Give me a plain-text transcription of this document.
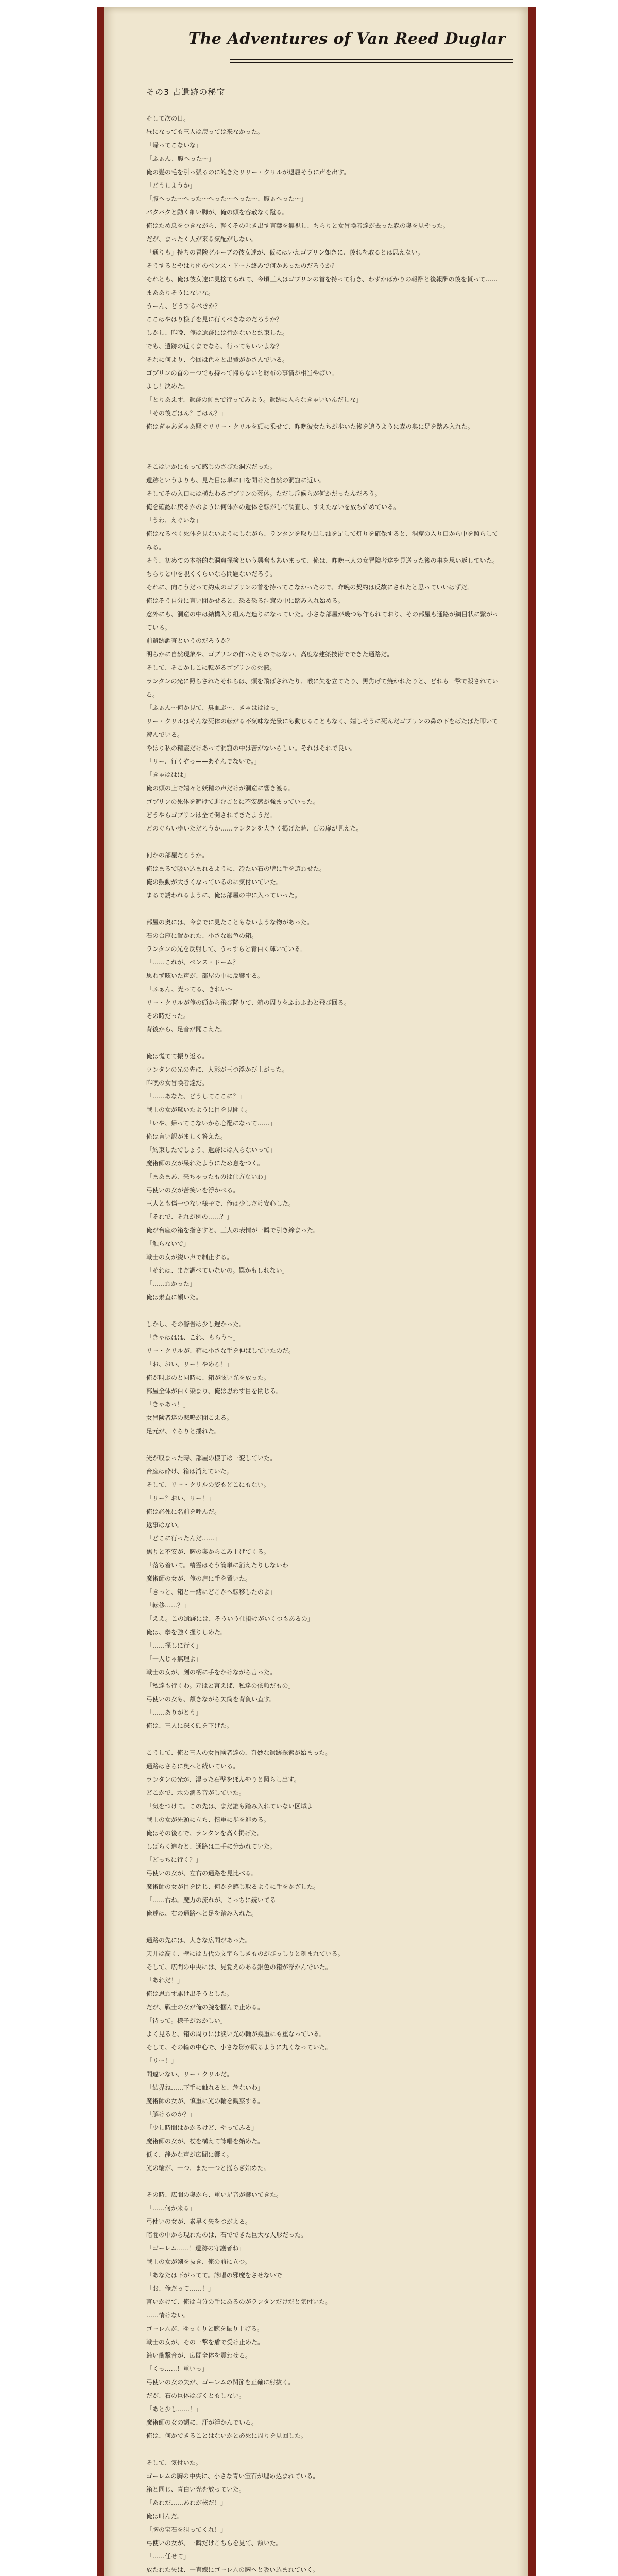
The Adventures of Van Reed Duglar
その3 古遺跡の秘宝

そして次の日。

昼になっても三人は戻っては来なかった。

「帰ってこないな」

「ふぁん、腹へった〜」

俺の髪の毛を引っ張るのに飽きたリリー・クリルが退屈そうに声を出す。

「どうしようか」

「腹へった〜へった〜へった〜へった〜、腹ぁへった〜」

バタバタと動く細い脚が、俺の頭を容赦なく蹴る。

俺はため息をつきながら、軽くその吐き出す言葉を無視し、ちらりと女冒険者達が去った森の奥を見やった。

だが、まったく人が来る気配がしない。

「通りも」持ちの冒険グループの彼女達が、仮にはいえゴブリン如きに、後れを取るとは思えない。

そうするとやはり例のペンス・ドーム絡みで何かあったのだろうか？

それとも、俺は彼女達に見捨てられて、今頃三人はゴブリンの首を持って行き、わずかばかりの報酬と後報酬の後を貰って……まあありそうにないな。

うーん、どうするべきか？

ここはやはり様子を見に行くべきなのだろうか？

しかし、昨晩、俺は遺跡には行かないと約束した。

でも、遺跡の近くまでなら、行ってもいいよな？

それに何より、今回は色々と出費がかさんでいる。

ゴブリンの首の一つでも持って帰らないと財布の事情が相当やばい。

よし！決めた。

「とりあえず、遺跡の側まで行ってみよう。遺跡に入らなきゃいいんだしな」

「その後ごはん？ごはん？」

俺はぎゃあぎゃあ騒ぐリリー・クリルを頭に乗せて、昨晩彼女たちが歩いた後を追うように森の奥に足を踏み入れた。

そこはいかにもって感じのさびた洞穴だった。

遺跡というよりも、見た目は単に口を開けた自然の洞窟に近い。

そしてその入口には横たわるゴブリンの死体。ただし斥候らが何かだったんだろう。

俺を確認に戻るかのように何体かの遺体を転がして調査し、すえたないを放ち始めている。

「うわ、えぐいな」

俺はなるべく死体を見ないようにしながら、ランタンを取り出し油を足して灯りを確保すると、洞窟の入り口から中を照らしてみる。

そう、初めての本格的な洞窟探検という興奮もあいまって、俺は、昨晩三人の女冒険者達を見送った後の事を思い返していた。

ちらりと中を覗くくらいなら問題ないだろう。

それに、向こうだって約束のゴブリンの首を持ってこなかったので、昨晩の契約は反故にされたと思っていいはずだ。

俺はそう自分に言い聞かせると、恐る恐る洞窟の中に踏み入れ始める。

意外にも、洞窟の中は結構入り組んだ造りになっていた。小さな部屋が幾つも作られており、その部屋も通路が網目状に繋がっている。

前遺跡調査というのだろうか？

明らかに自然現象や、ゴブリンの作ったものではない、高度な建築技術でできた通路だ。

そして、そこかしこに転がるゴブリンの死骸。

ランタンの光に照らされたそれらは、頭を飛ばされたり、喉に矢を立てたり、黒焦げて焼かれたりと、どれも一撃で殺されている。

「ふぁん〜何か見て、臭血ぷ〜、きゃはははっ」

リー・クリルはそんな死体の転がる不気味な光景にも動じることもなく、嬉しそうに死んだゴブリンの鼻の下をばたばた叩いて遊んでいる。

やはり私の精霊だけあって洞窟の中は苦がないらしい。それはそれで良い。

「リー、行くぞっ——あそんでないで。」

「きゃははは」

俺の頭の上で嬉々と妖精の声だけが洞窟に響き渡る。

ゴブリンの死体を避けて進むごとに不安感が強まっていった。

どうやらゴブリンは全て倒されてきたようだ。

どのぐらい歩いただろうか……ランタンを大きく掲げた時、石の扉が見えた。

何かの部屋だろうか。

俺はまるで吸い込まれるように、冷たい石の壁に手を這わせた。

俺の鼓動が大きくなっているのに気付いていた。

まるで誘われるように、俺は部屋の中に入っていった。

部屋の奥には、今までに見たこともないような物があった。

石の台座に置かれた、小さな銀色の箱。

ランタンの光を反射して、うっすらと青白く輝いている。

「……これが、ペンス・ドーム？」

思わず呟いた声が、部屋の中に反響する。

「ふぁん、光ってる、きれい〜」

リー・クリルが俺の頭から飛び降りて、箱の周りをふわふわと飛び回る。

その時だった。

背後から、足音が聞こえた。

俺は慌てて振り返る。

ランタンの光の先に、人影が三つ浮かび上がった。

昨晩の女冒険者達だ。

「……あなた、どうしてここに？」

戦士の女が驚いたように目を見開く。

「いや、帰ってこないから心配になって……」

俺は言い訳がましく答えた。

「約束したでしょう、遺跡には入らないって」

魔術師の女が呆れたようにため息をつく。

「まあまあ、来ちゃったものは仕方ないわ」

弓使いの女が苦笑いを浮かべる。

三人とも傷一つない様子で、俺は少しだけ安心した。

「それで、それが例の……？」

俺が台座の箱を指さすと、三人の表情が一瞬で引き締まった。

「触らないで」

戦士の女が鋭い声で制止する。

「それは、まだ調べていないの。罠かもしれない」

「……わかった」

俺は素直に頷いた。

しかし、その警告は少し遅かった。

「きゃははは、これ、もらう〜」

リー・クリルが、箱に小さな手を伸ばしていたのだ。

「お、おい、リー！やめろ！」

俺が叫ぶのと同時に、箱が眩い光を放った。

部屋全体が白く染まり、俺は思わず目を閉じる。

「きゃあっ！」

女冒険者達の悲鳴が聞こえる。

足元が、ぐらりと揺れた。

光が収まった時、部屋の様子は一変していた。

台座は砕け、箱は消えていた。

そして、リー・クリルの姿もどこにもない。

「リー？おい、リー！」

俺は必死に名前を呼んだ。

返事はない。

「どこに行ったんだ……」

焦りと不安が、胸の奥からこみ上げてくる。

「落ち着いて。精霊はそう簡単に消えたりしないわ」

魔術師の女が、俺の肩に手を置いた。

「きっと、箱と一緒にどこかへ転移したのよ」

「転移……？」

「ええ。この遺跡には、そういう仕掛けがいくつもあるの」

俺は、拳を強く握りしめた。

「……探しに行く」

「一人じゃ無理よ」

戦士の女が、剣の柄に手をかけながら言った。

「私達も行くわ。元はと言えば、私達の依頼だもの」

弓使いの女も、頷きながら矢筒を背負い直す。

「……ありがとう」

俺は、三人に深く頭を下げた。

こうして、俺と三人の女冒険者達の、奇妙な遺跡探索が始まった。

通路はさらに奥へと続いている。

ランタンの光が、湿った石壁をぼんやりと照らし出す。

どこかで、水の滴る音がしていた。

「気をつけて。この先は、まだ誰も踏み入れていない区域よ」

戦士の女が先頭に立ち、慎重に歩を進める。

俺はその後ろで、ランタンを高く掲げた。

しばらく進むと、通路は二手に分かれていた。

「どっちに行く？」

弓使いの女が、左右の通路を見比べる。

魔術師の女が目を閉じ、何かを感じ取るように手をかざした。

「……右ね。魔力の流れが、こっちに続いてる」

俺達は、右の通路へと足を踏み入れた。

通路の先には、大きな広間があった。

天井は高く、壁には古代の文字らしきものがびっしりと刻まれている。

そして、広間の中央には、見覚えのある銀色の箱が浮かんでいた。

「あれだ！」

俺は思わず駆け出そうとした。

だが、戦士の女が俺の腕を掴んで止める。

「待って。様子がおかしい」

よく見ると、箱の周りには淡い光の輪が幾重にも重なっている。

そして、その輪の中心で、小さな影が眠るように丸くなっていた。

「リー！」

間違いない、リー・クリルだ。

「結界ね……下手に触れると、危ないわ」

魔術師の女が、慎重に光の輪を観察する。

「解けるのか？」

「少し時間はかかるけど、やってみる」

魔術師の女が、杖を構えて詠唱を始めた。

低く、静かな声が広間に響く。

光の輪が、一つ、また一つと揺らぎ始めた。

その時、広間の奥から、重い足音が響いてきた。

「……何か来る」

弓使いの女が、素早く矢をつがえる。

暗闇の中から現れたのは、石でできた巨大な人形だった。

「ゴーレム……！遺跡の守護者ね」

戦士の女が剣を抜き、俺の前に立つ。

「あなたは下がってて。詠唱の邪魔をさせないで」

「お、俺だって……！」

言いかけて、俺は自分の手にあるのがランタンだけだと気付いた。

……情けない。

ゴーレムが、ゆっくりと腕を振り上げる。

戦士の女が、その一撃を盾で受け止めた。

鈍い衝撃音が、広間全体を震わせる。

「くっ……！重いっ」

弓使いの女の矢が、ゴーレムの関節を正確に射抜く。

だが、石の巨体はびくともしない。

「あと少し……！」

魔術師の女の額に、汗が浮かんでいる。

俺は、何かできることはないかと必死に周りを見回した。

そして、気付いた。

ゴーレムの胸の中央に、小さな青い宝石が埋め込まれている。

箱と同じ、青白い光を放っていた。

「あれだ……あれが核だ！」

俺は叫んだ。

「胸の宝石を狙ってくれ！」

弓使いの女が、一瞬だけこちらを見て、頷いた。

「……任せて」

放たれた矢は、一直線にゴーレムの胸へと吸い込まれていく。
